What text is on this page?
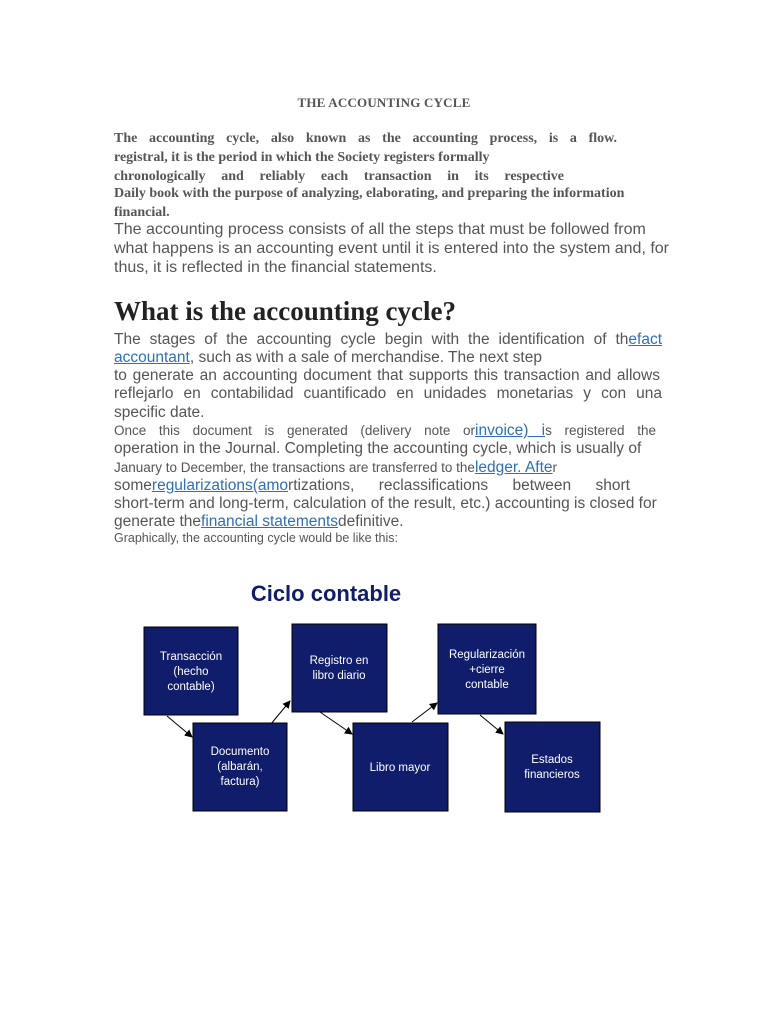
THE ACCOUNTING CYCLE
The accounting cycle, also known as the accounting process, is a flow.
registral, it is the period in which the Society registers formally
chronologically and reliably each transaction in its respective
Daily book with the purpose of analyzing, elaborating, and preparing the information
financial.
The accounting process consists of all the steps that must be followed from
what happens is an accounting event until it is entered into the system and, for
thus, it is reflected in the financial statements.
What is the accounting cycle?
The stages of the accounting cycle begin with the identification of thefact
accountant, such as with a sale of merchandise. The next step
to generate an accounting document that supports this transaction and allows
reflejarlo en contabilidad cuantificado en unidades monetarias y con una
specific date.
Once this document is generated (delivery note orinvoice) is registered the
operation in the Journal. Completing the accounting cycle, which is usually of
January to December, the transactions are transferred to theledger. After
someregularizations(amortizations, reclassifications between short
short-term and long-term, calculation of the result, etc.) accounting is closed for
generate thefinancial statementsdefinitive.
Graphically, the accounting cycle would be like this:
Ciclo contable
Transacción
(hecho
contable)
Documento
(albarán,
factura)
Registro en
libro diario
Libro mayor
Regularización
+cierre
contable
Estados
financieros
